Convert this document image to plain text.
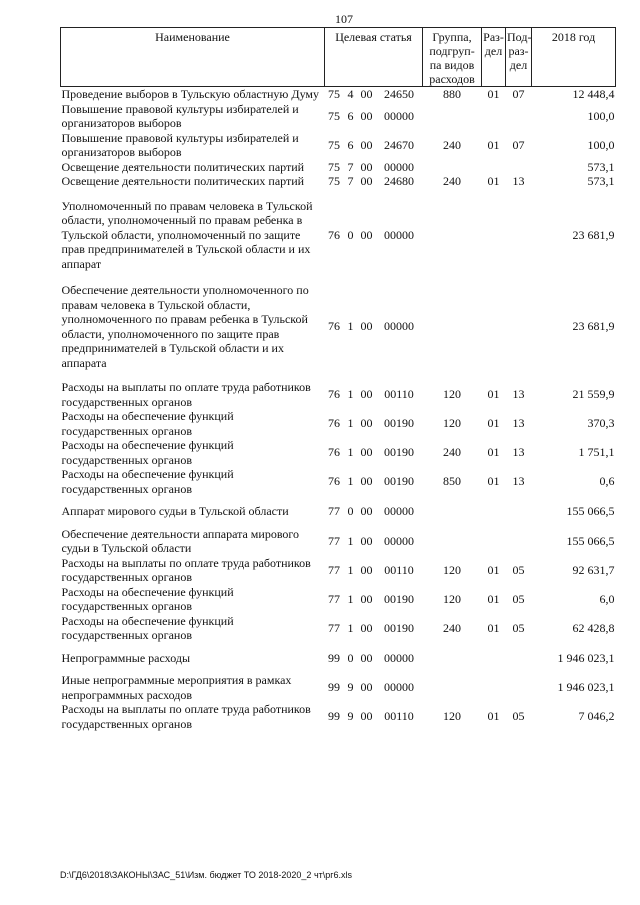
107
Наименование	Целевая статья				Группа, подгруп-па видов расходов	Раз-дел	Под-раз-дел	2018 год
Проведение выборов в Тульскую областную Думу	75	4	00	24650	880	01	07	12 448,4
Повышение правовой культуры избирателей и организаторов выборов	75	6	00	00000				100,0
Повышение правовой культуры избирателей и организаторов выборов	75	6	00	24670	240	01	07	100,0
Освещение деятельности политических партий	75	7	00	00000				573,1
Освещение деятельности политических партий	75	7	00	24680	240	01	13	573,1
Уполномоченный по правам человека в Тульской области, уполномоченный по правам ребенка в Тульской области, уполномоченный по защите прав предпринимателей в Тульской области и их аппарат	76	0	00	00000				23 681,9
Обеспечение деятельности уполномоченного по правам человека в Тульской области, уполномоченного по правам ребенка в Тульской области, уполномоченного по защите прав предпринимателей в Тульской области и их аппарата	76	1	00	00000				23 681,9
Расходы на выплаты по оплате труда работников государственных органов	76	1	00	00110	120	01	13	21 559,9
Расходы на обеспечение функций государственных органов	76	1	00	00190	120	01	13	370,3
Расходы на обеспечение функций государственных органов	76	1	00	00190	240	01	13	1 751,1
Расходы на обеспечение функций государственных органов	76	1	00	00190	850	01	13	0,6
Аппарат мирового судьи в Тульской области	77	0	00	00000				155 066,5
Обеспечение деятельности аппарата мирового судьи в Тульской области	77	1	00	00000				155 066,5
Расходы на выплаты по оплате труда работников государственных органов	77	1	00	00110	120	01	05	92 631,7
Расходы на обеспечение функций государственных органов	77	1	00	00190	120	01	05	6,0
Расходы на обеспечение функций государственных органов	77	1	00	00190	240	01	05	62 428,8
Непрограммные расходы	99	0	00	00000				1 946 023,1
Иные непрограммные мероприятия в рамках непрограммных расходов	99	9	00	00000				1 946 023,1
Расходы на выплаты по оплате труда работников государственных органов	99	9	00	00110	120	01	05	7 046,2
D:\ГД6\2018\ЗАКОНЫ\ЗАС_51\Изм. бюджет ТО 2018-2020_2 чт\рг6.xls
